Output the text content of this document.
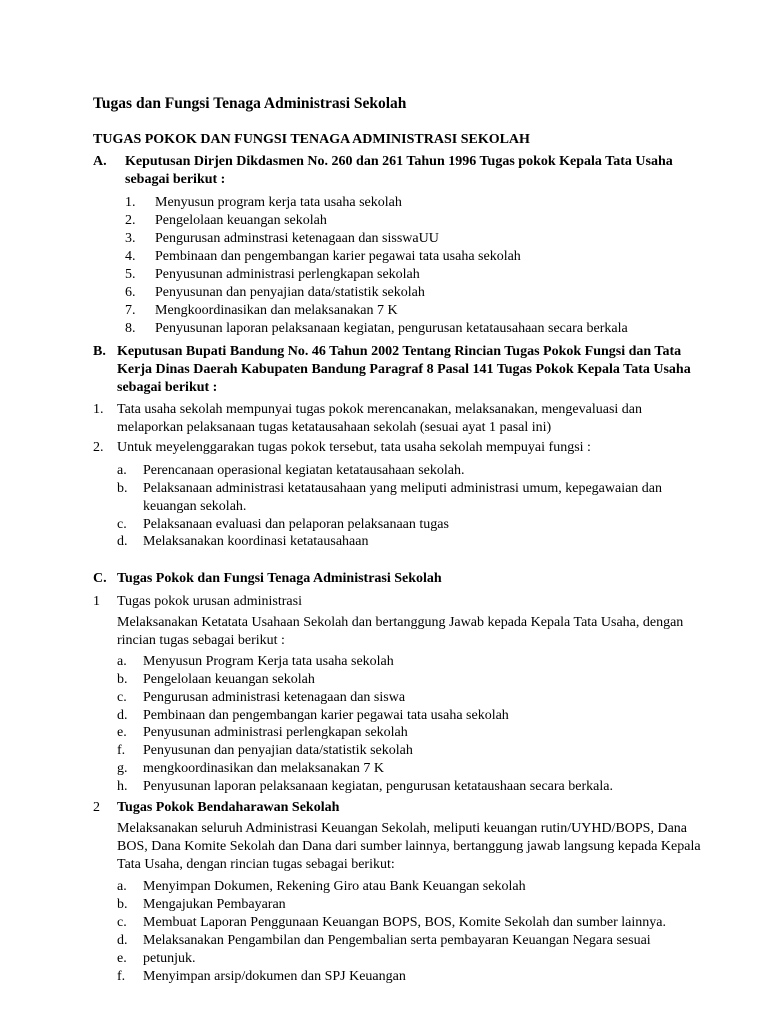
Tugas dan Fungsi Tenaga Administrasi Sekolah
TUGAS POKOK DAN FUNGSI TENAGA ADMINISTRASI SEKOLAH
A. Keputusan Dirjen Dikdasmen No. 260 dan 261 Tahun 1996 Tugas pokok Kepala Tata Usaha
sebagai berikut :
1. Menyusun program kerja tata usaha sekolah
2. Pengelolaan keuangan sekolah
3. Pengurusan adminstrasi ketenagaan dan sisswaUU
4. Pembinaan dan pengembangan karier pegawai tata usaha sekolah
5. Penyusunan administrasi perlengkapan sekolah
6. Penyusunan dan penyajian data/statistik sekolah
7. Mengkoordinasikan dan melaksanakan 7 K
8. Penyusunan laporan pelaksanaan kegiatan, pengurusan ketatausahaan secara berkala
B. Keputusan Bupati Bandung No. 46 Tahun 2002 Tentang Rincian Tugas Pokok Fungsi dan Tata
Kerja Dinas Daerah Kabupaten Bandung Paragraf 8 Pasal 141 Tugas Pokok Kepala Tata Usaha
sebagai berikut :
1. Tata usaha sekolah mempunyai tugas pokok merencanakan, melaksanakan, mengevaluasi dan
melaporkan pelaksanaan tugas ketatausahaan sekolah (sesuai ayat 1 pasal ini)
2. Untuk meyelenggarakan tugas pokok tersebut, tata usaha sekolah mempuyai fungsi :
a. Perencanaan operasional kegiatan ketatausahaan sekolah.
b. Pelaksanaan administrasi ketatausahaan yang meliputi administrasi umum, kepegawaian dan
keuangan sekolah.
c. Pelaksanaan evaluasi dan pelaporan pelaksanaan tugas
d. Melaksanakan koordinasi ketatausahaan
C. Tugas Pokok dan Fungsi Tenaga Administrasi Sekolah
1 Tugas pokok urusan administrasi
Melaksanakan Ketatata Usahaan Sekolah dan bertanggung Jawab kepada Kepala Tata Usaha, dengan
rincian tugas sebagai berikut :
a. Menyusun Program Kerja tata usaha sekolah
b. Pengelolaan keuangan sekolah
c. Pengurusan administrasi ketenagaan dan siswa
d. Pembinaan dan pengembangan karier pegawai tata usaha sekolah
e. Penyusunan administrasi perlengkapan sekolah
f. Penyusunan dan penyajian data/statistik sekolah
g. mengkoordinasikan dan melaksanakan 7 K
h. Penyusunan laporan pelaksanaan kegiatan, pengurusan ketataushaan secara berkala.
2 Tugas Pokok Bendaharawan Sekolah
Melaksanakan seluruh Administrasi Keuangan Sekolah, meliputi keuangan rutin/UYHD/BOPS, Dana
BOS, Dana Komite Sekolah dan Dana dari sumber lainnya, bertanggung jawab langsung kepada Kepala
Tata Usaha, dengan rincian tugas sebagai berikut:
a. Menyimpan Dokumen, Rekening Giro atau Bank Keuangan sekolah
b. Mengajukan Pembayaran
c. Membuat Laporan Penggunaan Keuangan BOPS, BOS, Komite Sekolah dan sumber lainnya.
d. Melaksanakan Pengambilan dan Pengembalian serta pembayaran Keuangan Negara sesuai
e. petunjuk.
f. Menyimpan arsip/dokumen dan SPJ Keuangan
